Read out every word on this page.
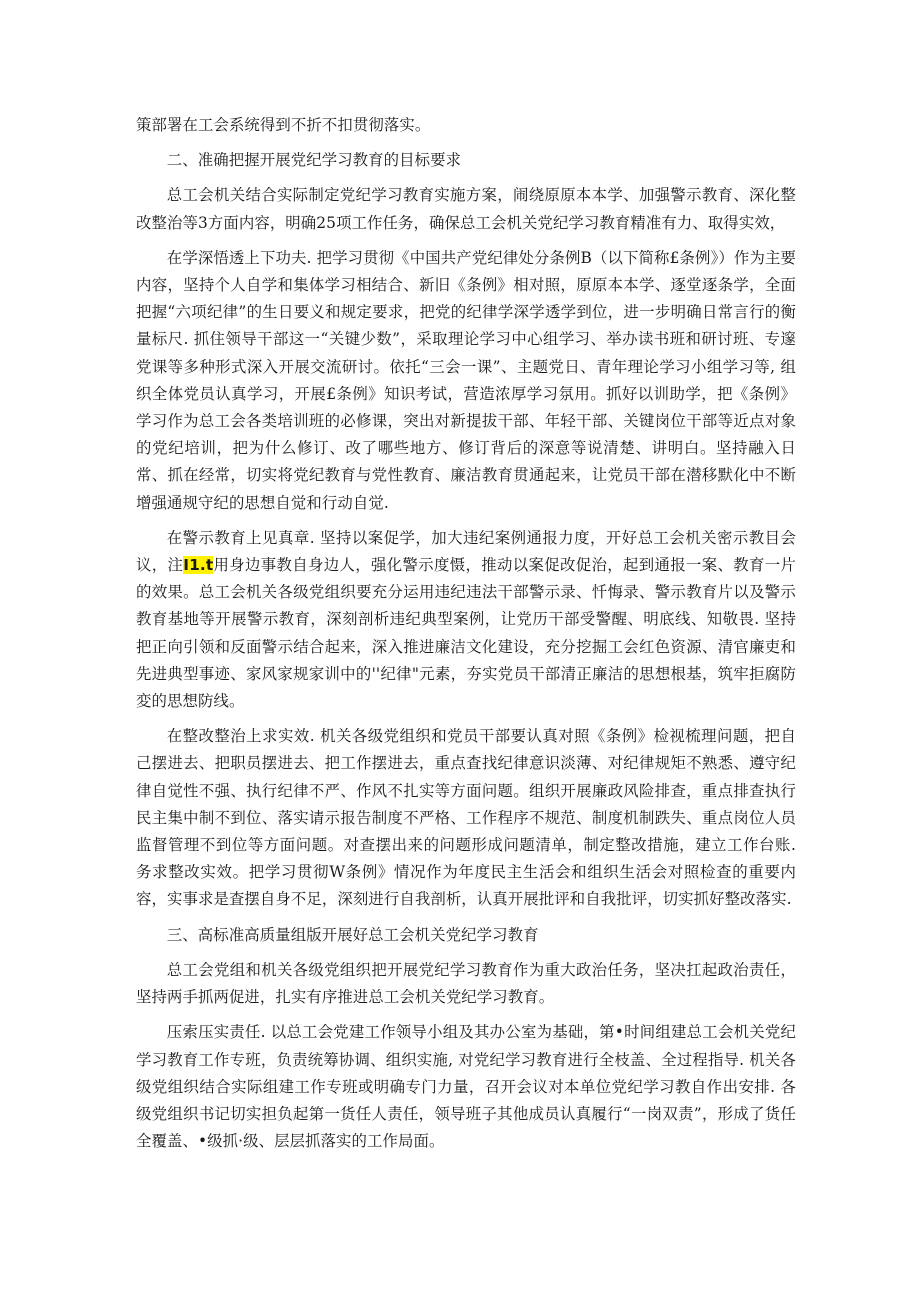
策部署在工会系统得到不折不扣贯彻落实。

二、准确把握开展党纪学习教育的目标要求

总工会机关结合实际制定党纪学习教育实施方案，闹绕原原本本学、加强警示教育、深化整改整治等3方面内容，明确25项工作任务，确保总工会机关党纪学习教育精准有力、取得实效，

在学深悟透上下功夫. 把学习贯彻《中国共产党纪律处分条例B（以下简称£条例》）作为主要内容，坚持个人自学和集体学习相结合、新旧《条例》相对照，原原本本学、逐堂逐条学，全面把握“六项纪律”的生日要义和规定要求，把党的纪律学深学透学到位，进一步明确日常言行的衡量标尺. 抓住领导干部这一“关键少数”，采取理论学习中心组学习、举办读书班和研讨班、专邃党课等多种形式深入开展交流研讨。依托“三会一课”、主题党日、青年理论学习小组学习等, 组织全体党员认真学习，开展£条例》知识考试，营造浓厚学习氛用。抓好以训助学，把《条例》学习作为总工会各类培训班的必修课，突出对新提拔干部、年轻干部、关键岗位干部等近点对象的党纪培训，把为什么修订、改了哪些地方、修订背后的深意等说清楚、讲明白。坚持融入日常、抓在经常，切实将党纪教育与党性教育、廉洁教育贯通起来，让党员干部在潜移默化中不断增强通规守纪的思想自觉和行动自觉.

在警示教育上见真章. 坚持以案促学，加大违纪案例通报力度，开好总工会机关密示教目会议，注I1.t用身边事教自身边人，强化警示度慑，推动以案促改促治，起到通报一案、教育一片的效果。总工会机关各级党组织要充分运用违纪违法干部警示录、忏悔录、警示教育片以及警示教育基地等开展警示教育，深刻剖析违纪典型案例，让党历干部受警醒、明底线、知敬畏. 坚持把正向引领和反面警示结合起来，深入推进廉洁文化建设，充分挖掘工会红色资源、清官廉吏和先进典型事迹、家风家规家训中的''纪律"元素，夯实党员干部清正廉洁的思想根基，筑牢拒腐防変的思想防线。

在整改整治上求实效. 机关各级党组织和党员干部要认真对照《条例》检视梳理问题，把自己摆进去、把职员摆进去、把工作摆进去，重点査找纪律意识淡薄、对纪律规矩不熟悉、遵守纪律自觉性不强、执行纪律不严、作风不扎实等方面问题。组织开展廉政风险排查，重点排查执行民主集中制不到位、落实请示报告制度不严格、工作程序不规范、制度机制跌失、重点岗位人员监督管理不到位等方面问题。对查摆出来的问题形成问题清单，制定整改措施，建立工作台账. 务求整改实效。把学习贯彻W条例》情况作为年度民主生活会和组织生活会对照检查的重要内容，实事求是査摆自身不足，深刻进行自我剖析，认真开展批评和自我批评，切实抓好整改落实.

三、高标准高质量组版开展好总工会机关党纪学习教育

总工会党组和机关各级党组织把开展党纪学习教育作为重大政治任务，坚决扛起政治责任，坚持两手抓两促进，扎实有序推进总工会机关党纪学习教育。

压索压实责任. 以总工会党建工作领导小组及其办公室为基础，第•时间组建总工会机关党纪学习教育工作专班，负责统筹协调、组织实施, 对党纪学习教育进行全枝盖、全过程指导. 机关各级党组织结合实际组建工作专班或明确专门力量，召开会议对本单位党纪学习教自作出安排. 各级党组织书记切实担负起第一货任人责任，领导班子其他成员认真履行“一岗双责”，形成了货任全覆盖、•级抓·级、层层抓落实的工作局面。
